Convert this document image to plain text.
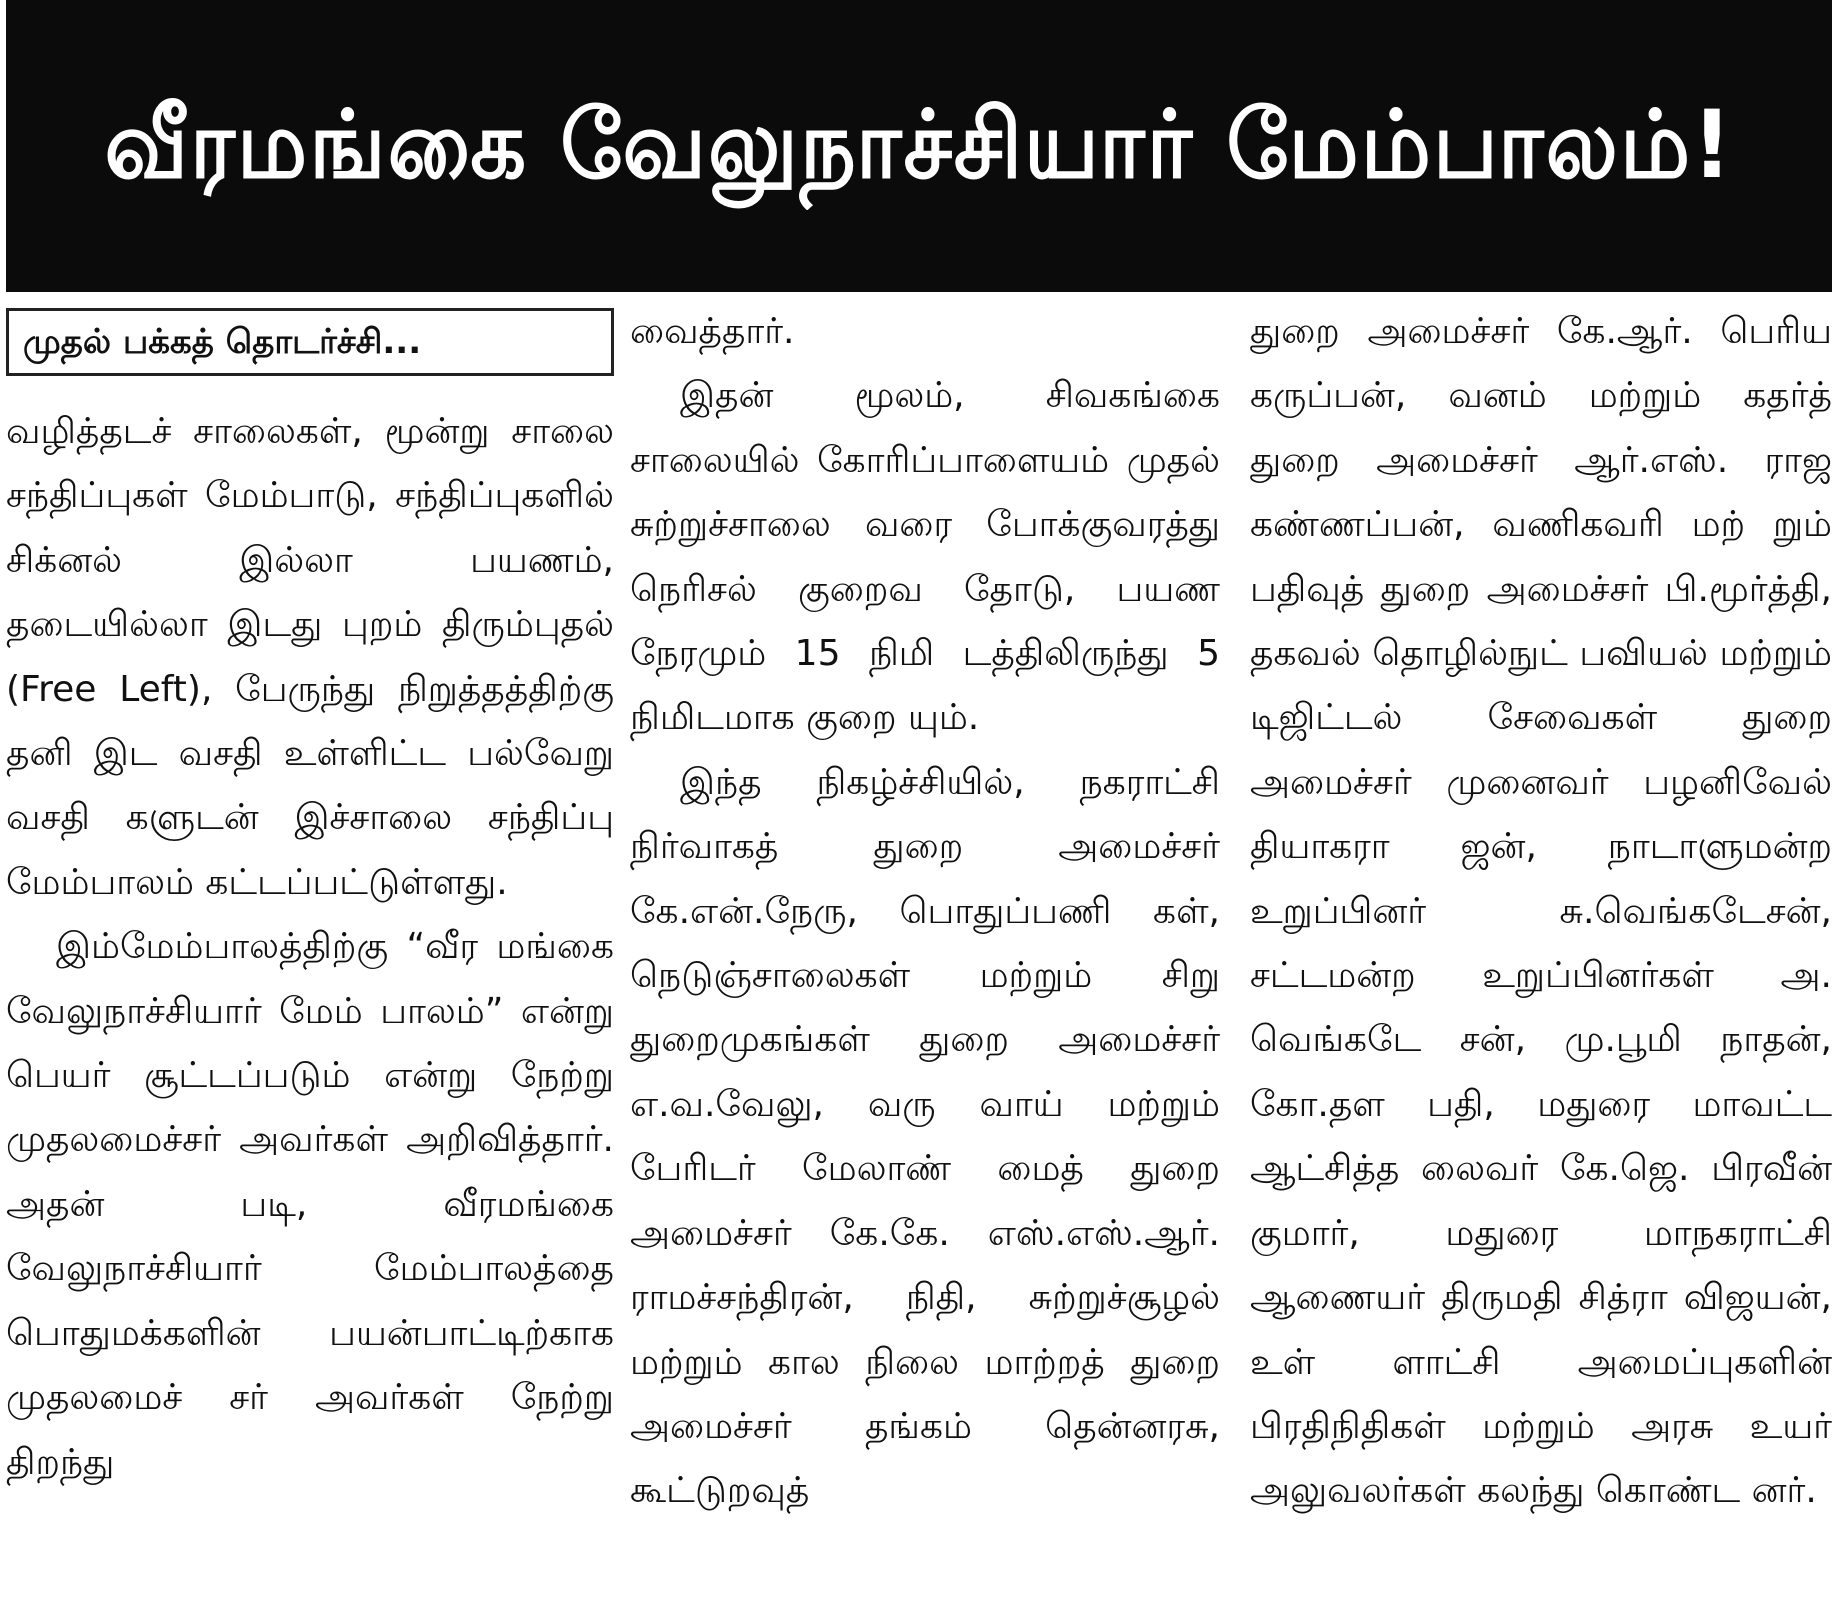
வீரமங்கை வேலுநாச்சியார் மேம்பாலம்!
முதல் பக்கத் தொடர்ச்சி...

வழித்தடச் சாலைகள், மூன்று சாலை சந்திப்புகள் மேம்பாடு, சந்திப்புகளில் சிக்னல் இல்லா பயணம், தடையில்லா இடது புறம் திரும்புதல் (Free Left), பேருந்து நிறுத்தத்திற்கு தனி இட வசதி உள்ளிட்ட பல்வேறு வசதி களுடன் இச்சாலை சந்திப்பு மேம்பாலம் கட்டப்பட்டுள்ளது.

இம்மேம்பாலத்திற்கு “வீர மங்கை வேலுநாச்சியார் மேம் பாலம்” என்று பெயர் சூட்டப்படும் என்று நேற்று முதலமைச்சர் அவர்கள் அறிவித்தார். அதன் படி, வீரமங்கை வேலுநாச்சியார் மேம்பாலத்தை பொதுமக்களின் பயன்பாட்டிற்காக முதலமைச் சர் அவர்கள் நேற்று திறந்து

வைத்தார்.

இதன் மூலம், சிவகங்கை சாலையில் கோரிப்பாளையம் முதல் சுற்றுச்சாலை வரை போக்குவரத்து நெரிசல் குறைவ தோடு, பயண நேரமும் 15 நிமி டத்திலிருந்து 5 நிமிடமாக குறை யும்.

இந்த நிகழ்ச்சியில், நகராட்சி நிர்வாகத் துறை அமைச்சர் கே.என்.நேரு, பொதுப்பணி கள், நெடுஞ்சாலைகள் மற்றும் சிறு துறைமுகங்கள் துறை அமைச்சர் எ.வ.வேலு, வரு வாய் மற்றும் பேரிடர் மேலாண் மைத் துறை அமைச்சர் கே.கே. எஸ்.எஸ்.ஆர். ராமச்சந்திரன், நிதி, சுற்றுச்சூழல் மற்றும் கால நிலை மாற்றத் துறை அமைச்சர் தங்கம் தென்னரசு, கூட்டுறவுத்

துறை அமைச்சர் கே.ஆர். பெரிய கருப்பன், வனம் மற்றும் கதர்த் துறை அமைச்சர் ஆர்.எஸ். ராஜ கண்ணப்பன், வணிகவரி மற் றும் பதிவுத் துறை அமைச்சர் பி.மூர்த்தி, தகவல் தொழில்நுட் பவியல் மற்றும் டிஜிட்டல் சேவைகள் துறை அமைச்சர் முனைவர் பழனிவேல் தியாகரா ஜன், நாடாளுமன்ற உறுப்பினர் சு.வெங்கடேசன், சட்டமன்ற உறுப்பினர்கள் அ. வெங்கடே சன், மு.பூமி நாதன், கோ.தள பதி, மதுரை மாவட்ட ஆட்சித்த லைவர் கே.ஜெ. பிரவீன் குமார், மதுரை மாநகராட்சி ஆணையர் திருமதி சித்ரா விஜயன், உள் ளாட்சி அமைப்புகளின் பிரதிநிதிகள் மற்றும் அரசு உயர் அலுவலர்கள் கலந்து கொண்ட னர்.
